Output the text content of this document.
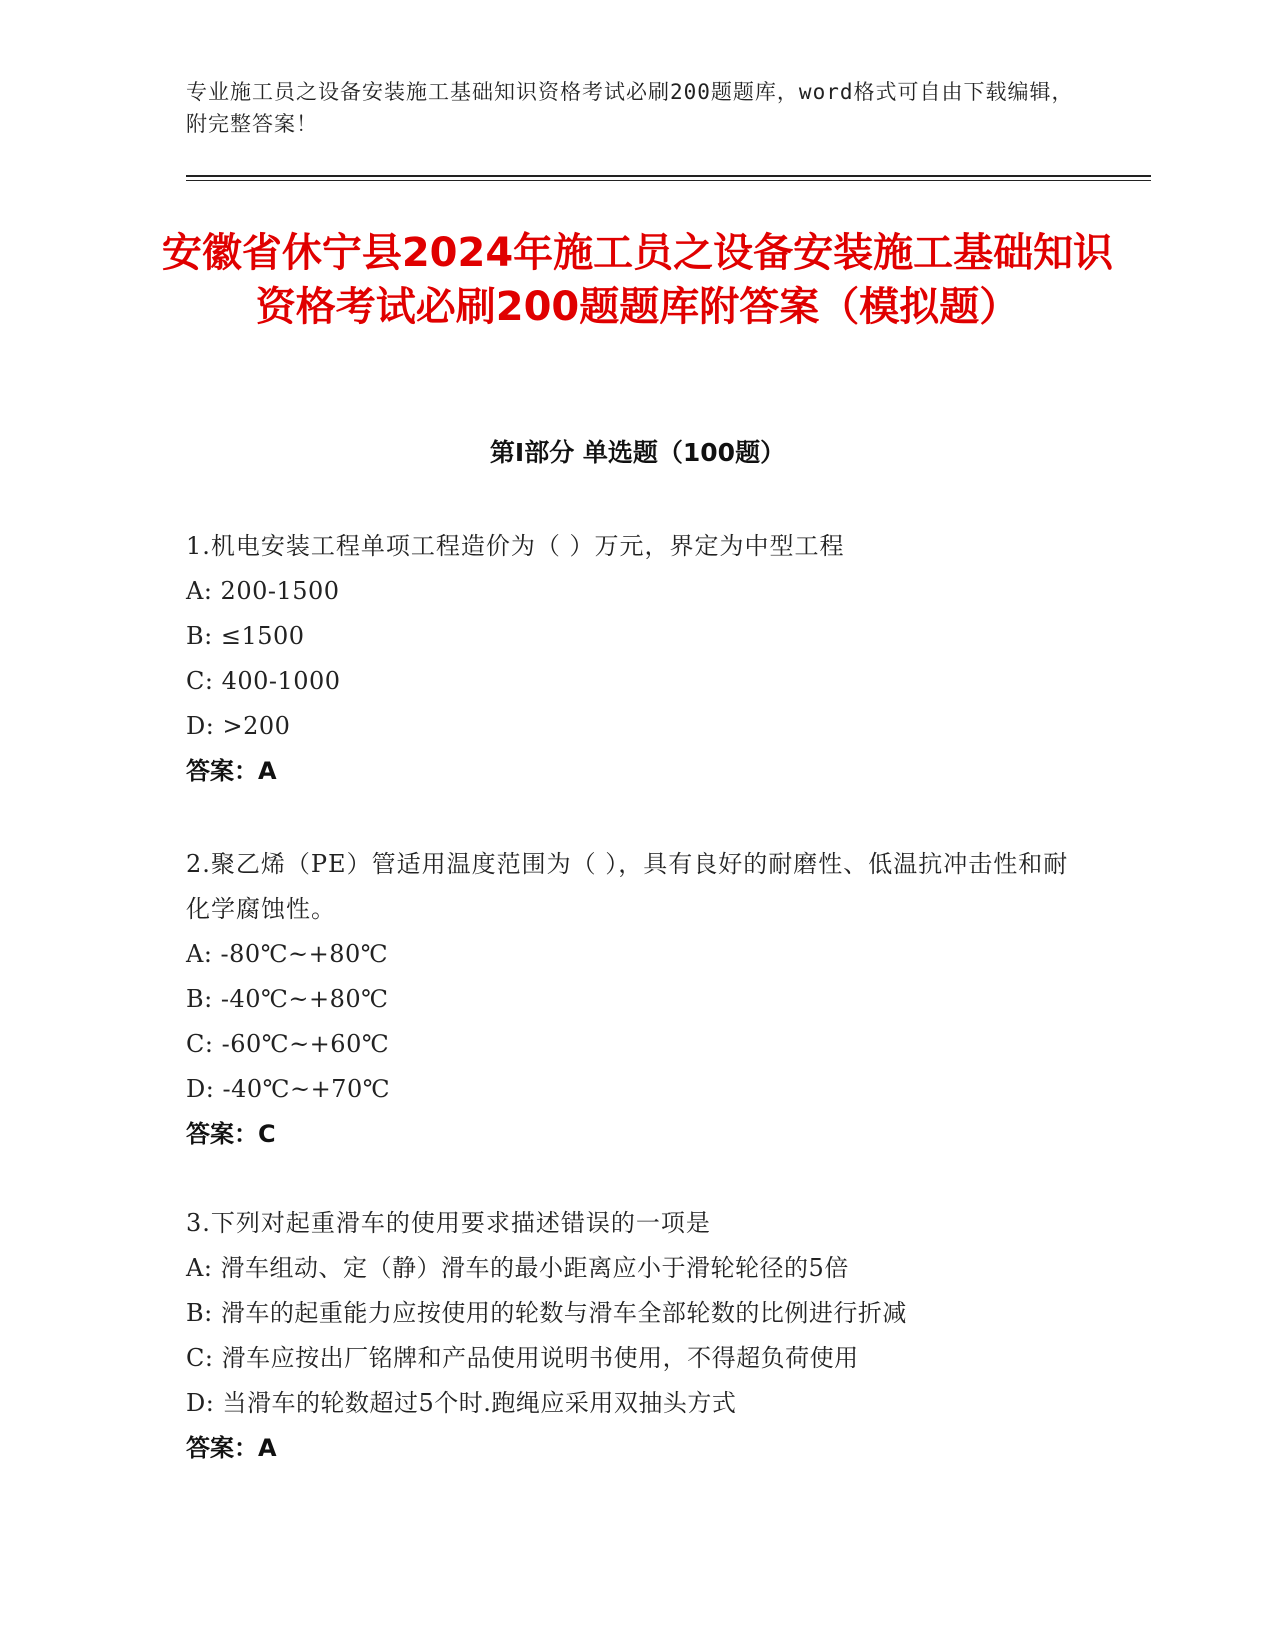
专业施工员之设备安装施工基础知识资格考试必刷200题题库，word格式可自由下载编辑，附完整答案！
安徽省休宁县2024年施工员之设备安装施工基础知识资格考试必刷200题题库附答案（模拟题）
第Ⅰ部分 单选题（100题）
1.机电安装工程单项工程造价为（ ）万元，界定为中型工程
A: 200-1500
B: ≤1500
C: 400-1000
D: >200
答案：A
2.聚乙烯（PE）管适用温度范围为（ ），具有良好的耐磨性、低温抗冲击性和耐化学腐蚀性。
A: -80℃~+80℃
B: -40℃~+80℃
C: -60℃~+60℃
D: -40℃~+70℃
答案：C
3.下列对起重滑车的使用要求描述错误的一项是
A: 滑车组动、定（静）滑车的最小距离应小于滑轮轮径的5倍
B: 滑车的起重能力应按使用的轮数与滑车全部轮数的比例进行折减
C: 滑车应按出厂铭牌和产品使用说明书使用，不得超负荷使用
D: 当滑车的轮数超过5个时.跑绳应采用双抽头方式
答案：A
